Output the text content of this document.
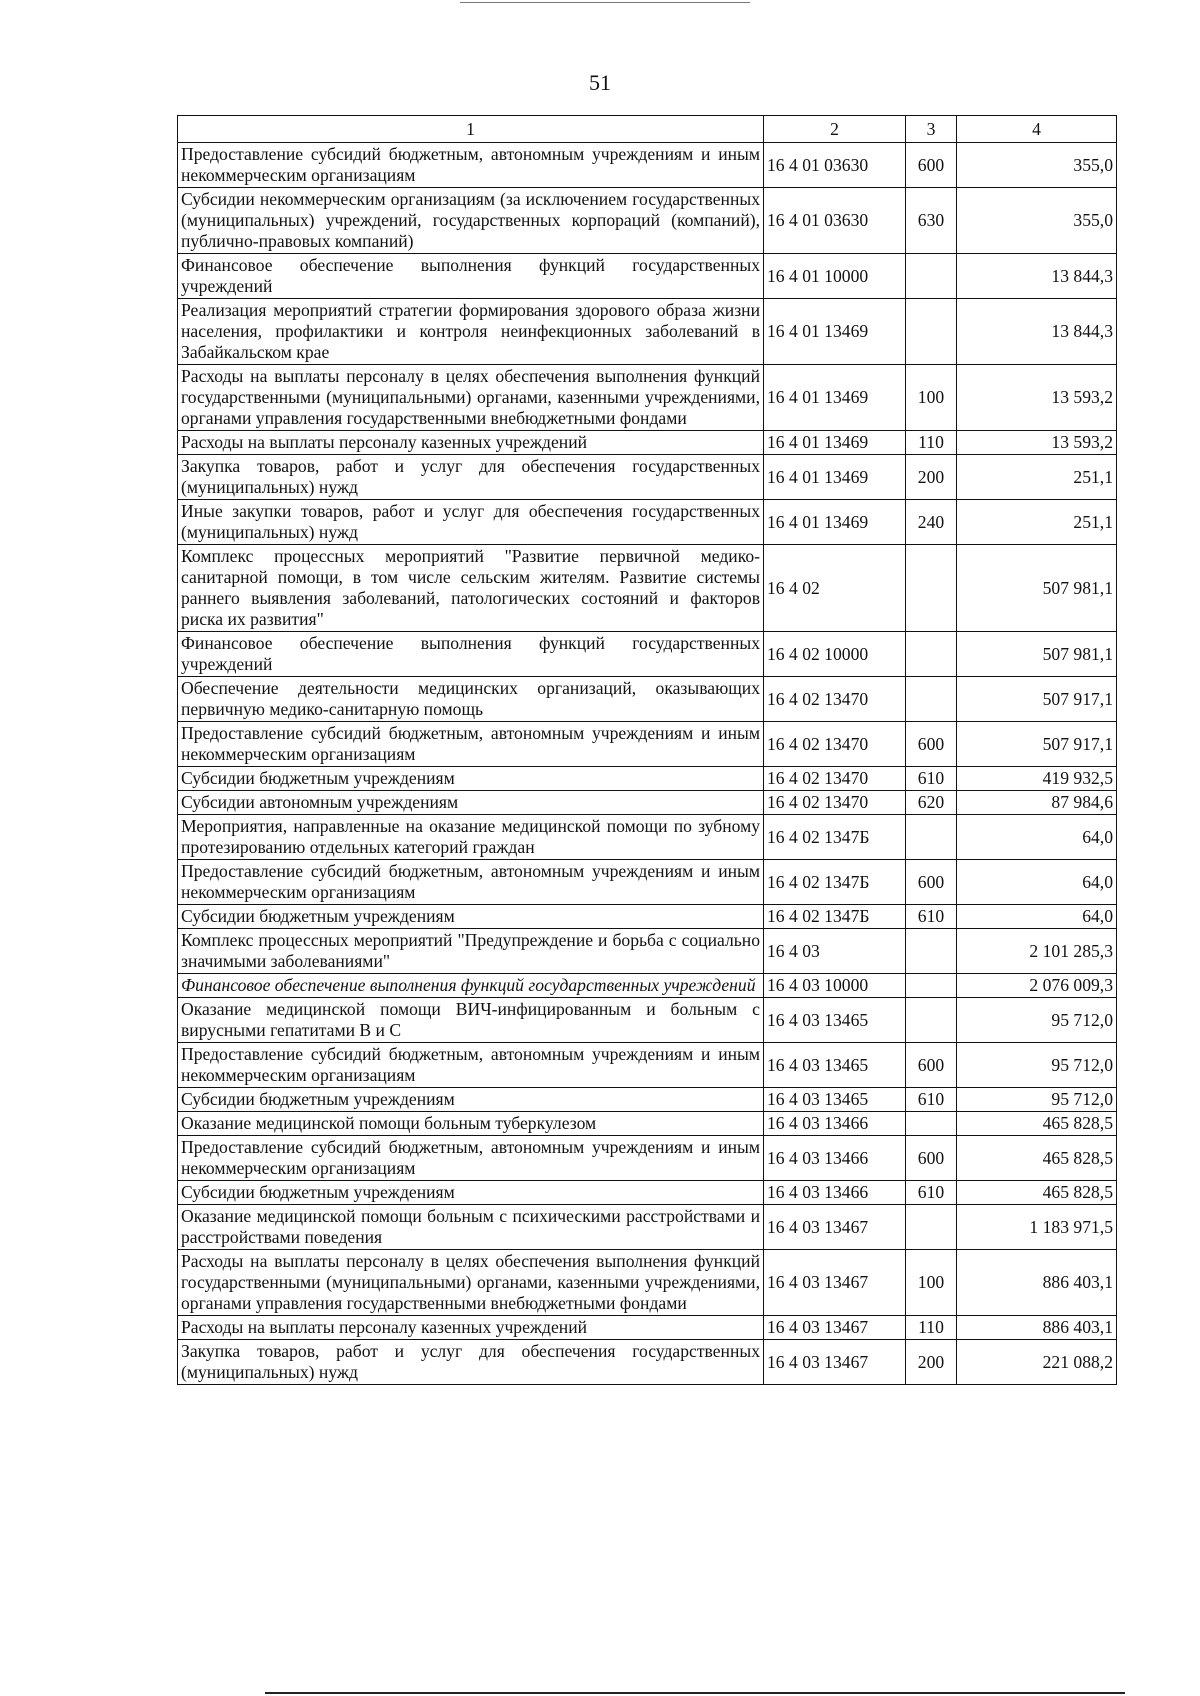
51
1	2	3	4
Предоставление субсидий бюджетным, автономным учреждениям и иным некоммерческим организациям	16 4 01 03630	600	355,0
Субсидии некоммерческим организациям (за исключением государственных (муниципальных) учреждений, государственных корпораций (компаний), публично-правовых компаний)	16 4 01 03630	630	355,0
Финансовое обеспечение выполнения функций государственных учреждений	16 4 01 10000		13 844,3
Реализация мероприятий стратегии формирования здорового образа жизни населения, профилактики и контроля неинфекционных заболеваний в Забайкальском крае	16 4 01 13469		13 844,3
Расходы на выплаты персоналу в целях обеспечения выполнения функций государственными (муниципальными) органами, казенными учреждениями, органами управления государственными внебюджетными фондами	16 4 01 13469	100	13 593,2
Расходы на выплаты персоналу казенных учреждений	16 4 01 13469	110	13 593,2
Закупка товаров, работ и услуг для обеспечения государственных (муниципальных) нужд	16 4 01 13469	200	251,1
Иные закупки товаров, работ и услуг для обеспечения государственных (муниципальных) нужд	16 4 01 13469	240	251,1
Комплекс процессных мероприятий "Развитие первичной медико-санитарной помощи, в том числе сельским жителям. Развитие системы раннего выявления заболеваний, патологических состояний и факторов риска их развития"	16 4 02		507 981,1
Финансовое обеспечение выполнения функций государственных учреждений	16 4 02 10000		507 981,1
Обеспечение деятельности медицинских организаций, оказывающих первичную медико-санитарную помощь	16 4 02 13470		507 917,1
Предоставление субсидий бюджетным, автономным учреждениям и иным некоммерческим организациям	16 4 02 13470	600	507 917,1
Субсидии бюджетным учреждениям	16 4 02 13470	610	419 932,5
Субсидии автономным учреждениям	16 4 02 13470	620	87 984,6
Мероприятия, направленные на оказание медицинской помощи по зубному протезированию отдельных категорий граждан	16 4 02 1347Б		64,0
Предоставление субсидий бюджетным, автономным учреждениям и иным некоммерческим организациям	16 4 02 1347Б	600	64,0
Субсидии бюджетным учреждениям	16 4 02 1347Б	610	64,0
Комплекс процессных мероприятий "Предупреждение и борьба с социально значимыми заболеваниями"	16 4 03		2 101 285,3
Финансовое обеспечение выполнения функций государственных учреждений	16 4 03 10000		2 076 009,3
Оказание медицинской помощи ВИЧ-инфицированным и больным с вирусными гепатитами В и С	16 4 03 13465		95 712,0
Предоставление субсидий бюджетным, автономным учреждениям и иным некоммерческим организациям	16 4 03 13465	600	95 712,0
Субсидии бюджетным учреждениям	16 4 03 13465	610	95 712,0
Оказание медицинской помощи больным туберкулезом	16 4 03 13466		465 828,5
Предоставление субсидий бюджетным, автономным учреждениям и иным некоммерческим организациям	16 4 03 13466	600	465 828,5
Субсидии бюджетным учреждениям	16 4 03 13466	610	465 828,5
Оказание медицинской помощи больным с психическими расстройствами и расстройствами поведения	16 4 03 13467		1 183 971,5
Расходы на выплаты персоналу в целях обеспечения выполнения функций государственными (муниципальными) органами, казенными учреждениями, органами управления государственными внебюджетными фондами	16 4 03 13467	100	886 403,1
Расходы на выплаты персоналу казенных учреждений	16 4 03 13467	110	886 403,1
Закупка товаров, работ и услуг для обеспечения государственных (муниципальных) нужд	16 4 03 13467	200	221 088,2
